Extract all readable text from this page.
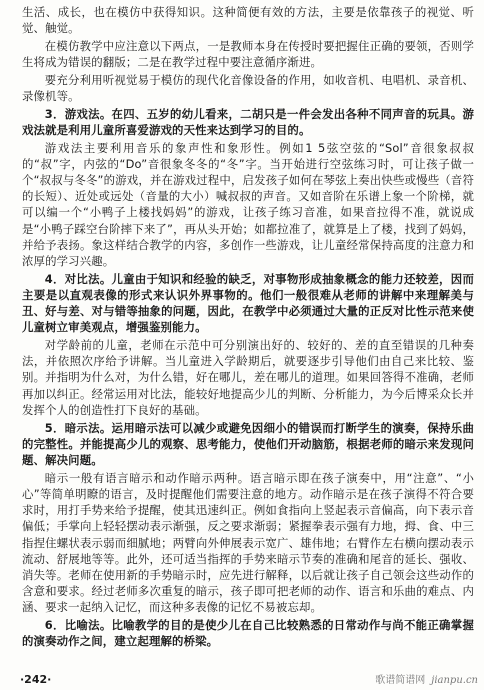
生活、成长，也在模仿中获得知识。这种简便有效的方法，主要是依靠孩子的视觉、听觉、触觉。

在模仿教学中应注意以下两点，一是教师本身在传授时要把握住正确的要领，否则学生将成为错误的翻版；二是在教学过程中要注意循序渐进。

要充分利用听视觉易于模仿的现代化音像设备的作用，如收音机、电唱机、录音机、录像机等。

3．游戏法。在四、五岁的幼儿看来，二胡只是一件会发出各种不同声音的玩具。游戏法就是利用儿童所喜爱游戏的天性来达到学习的目的。

游戏法主要利用音乐的象声性和象形性。例如1 5弦空弦的“Sol”音很象叔叔的“叔”字，内弦的“Do”音很象冬冬的“冬”字。当开始进行空弦练习时，可让孩子做一个“叔叔与冬冬”的游戏，并在游戏过程中，启发孩子如何在琴弦上奏出快些或慢些（音符的长短）、近处或远处（音量的大小）喊叔叔的声音。又如音阶在乐谱上象一个阶梯，就可以编一个“小鸭子上楼找妈妈”的游戏，让孩子练习音准，如果音拉得不准，就说成是“小鸭子踩空台阶摔下来了”，再从头开始；如都拉准了，就算是上了楼，找到了妈妈，并给予表扬。象这样结合教学的内容，多创作一些游戏，让儿童经常保持高度的注意力和浓厚的学习兴趣。

4．对比法。儿童由于知识和经验的缺乏，对事物形成抽象概念的能力还较差，因而主要是以直观表像的形式来认识外界事物的。他们一般很难从老师的讲解中来理解美与丑、好与差、对与错等抽象的问题，因此，在教学中必须通过大量的正反对比性示范来使儿童树立审美观点，增强鉴别能力。

对学龄前的儿童，老师在示范中可分别演出好的、较好的、差的直至错误的几种奏法，并依照次序给予讲解。当儿童进入学龄期后，就要逐步引导他们由自己来比较、鉴别。并指明为什么对，为什么错，好在哪儿，差在哪儿的道理。如果回答得不准确，老师再加以纠正。经常运用对比法，能较好地提高少儿的判断、分析能力，为今后博采众长并发挥个人的创造性打下良好的基础。

5．暗示法。运用暗示法可以减少或避免因细小的错误而打断学生的演奏，保持乐曲的完整性。并能提高少儿的观察、思考能力，使他们开动脑筋，根据老师的暗示来发现问题、解决问题。

暗示一般有语言暗示和动作暗示两种。语言暗示即在孩子演奏中，用“注意”、“小心”等简单明瞭的语言，及时提醒他们需要注意的地方。动作暗示是在孩子演得不符合要求时，用打手势来给予提醒，使其迅速纠正。例如食指向上竖起表示音偏高，向下表示音偏低；手掌向上轻轻摆动表示渐强，反之要求渐弱；紧握拳表示强有力地，拇、食、中三指捏住螺状表示弱而细腻地；两臂向外伸展表示宽广、雄伟地；右臂作左右横向摆动表示流动、舒展地等等。此外，还可适当指挥的手势来暗示节奏的准确和尾音的延长、强收、消失等。老师在使用新的手势暗示时，应先进行解释，以后就让孩子自己领会这些动作的含意和要求。经过老师多次重复的暗示，孩子即可把老师的动作、语言和乐曲的难点、内涵、要求一起纳入记忆，而这种多表像的记忆不易被忘却。

6．比喻法。比喻教学的目的是使少儿在自己比较熟悉的日常动作与尚不能正确掌握的演奏动作之间，建立起理解的桥梁。

·242·	歌谱简谱网 jianpu.cn
